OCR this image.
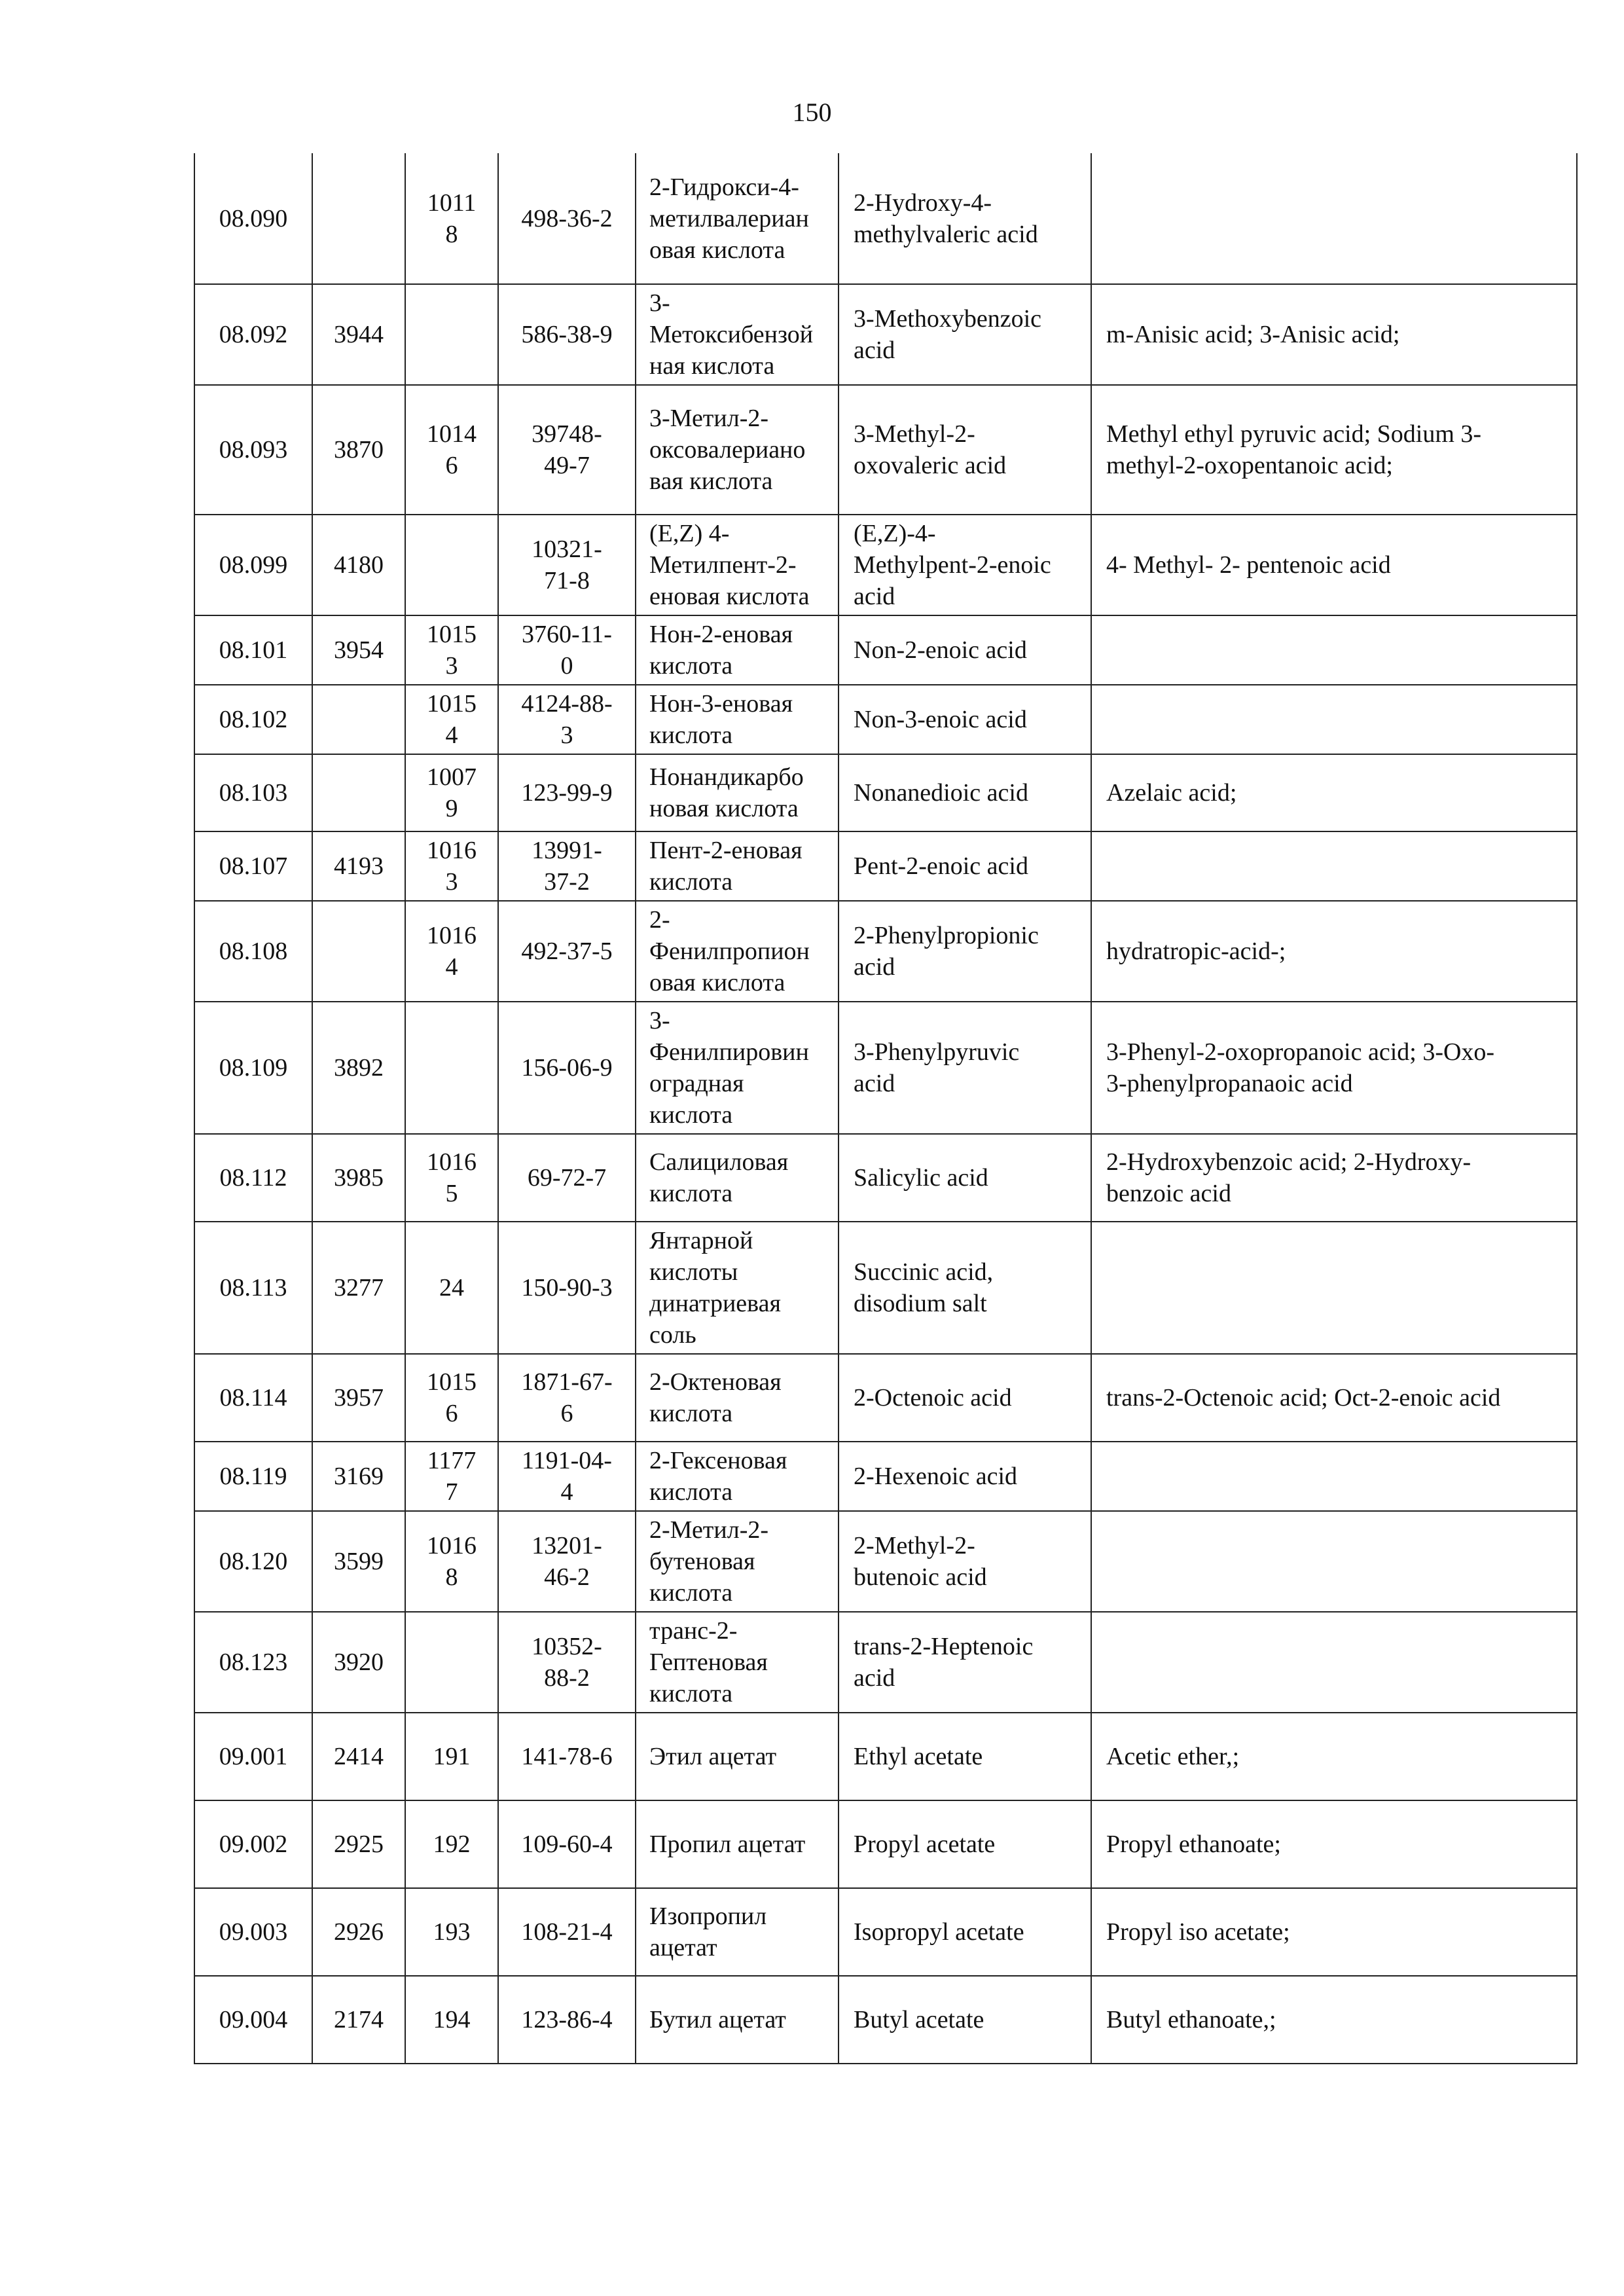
150
08.090		1011
8	498-36-2	2-Гидрокси-4-
метилвалериан
овая кислота	2-Hydroxy-4-
methylvaleric acid	
08.092	3944		586-38-9	3-
Метоксибензой
ная кислота	3-Methoxybenzoic
acid	m-Anisic acid; 3-Anisic acid;
08.093	3870	1014
6	39748-
49-7	3-Метил-2-
оксовалериано
вая кислота	3-Methyl-2-
oxovaleric acid	Methyl ethyl pyruvic acid; Sodium 3-
methyl-2-oxopentanoic acid;
08.099	4180		10321-
71-8	(E,Z) 4-
Метилпент-2-
еновая кислота	(E,Z)-4-
Methylpent-2-enoic
acid	4- Methyl- 2- pentenoic acid
08.101	3954	1015
3	3760-11-
0	Нон-2-еновая
кислота	Non-2-enoic acid	
08.102		1015
4	4124-88-
3	Нон-3-еновая
кислота	Non-3-enoic acid	
08.103		1007
9	123-99-9	Нонандикарбо
новая кислота	Nonanedioic acid	Azelaic acid;
08.107	4193	1016
3	13991-
37-2	Пент-2-еновая
кислота	Pent-2-enoic acid	
08.108		1016
4	492-37-5	2-
Фенилпропион
овая кислота	2-Phenylpropionic
acid	hydratropic-acid-;
08.109	3892		156-06-9	3-
Фенилпировин
оградная
кислота	3-Phenylpyruvic
acid	3-Phenyl-2-oxopropanoic acid; 3-Oxo-
3-phenylpropanaoic acid
08.112	3985	1016
5	69-72-7	Салициловая
кислота	Salicylic acid	2-Hydroxybenzoic acid; 2-Hydroxy-
benzoic acid
08.113	3277	24	150-90-3	Янтарной
кислоты
динатриевая
соль	Succinic acid,
disodium salt	
08.114	3957	1015
6	1871-67-
6	2-Октеновая
кислота	2-Octenoic acid	trans-2-Octenoic acid; Oct-2-enoic acid
08.119	3169	1177
7	1191-04-
4	2-Гексеновая
кислота	2-Hexenoic acid	
08.120	3599	1016
8	13201-
46-2	2-Метил-2-
бутеновая
кислота	2-Methyl-2-
butenoic acid	
08.123	3920		10352-
88-2	транс-2-
Гептеновая
кислота	trans-2-Heptenoic
acid	
09.001	2414	191	141-78-6	Этил ацетат	Ethyl acetate	Acetic ether,;
09.002	2925	192	109-60-4	Пропил ацетат	Propyl acetate	Propyl ethanoate;
09.003	2926	193	108-21-4	Изопропил
ацетат	Isopropyl acetate	Propyl iso acetate;
09.004	2174	194	123-86-4	Бутил ацетат	Butyl acetate	Butyl ethanoate,;
